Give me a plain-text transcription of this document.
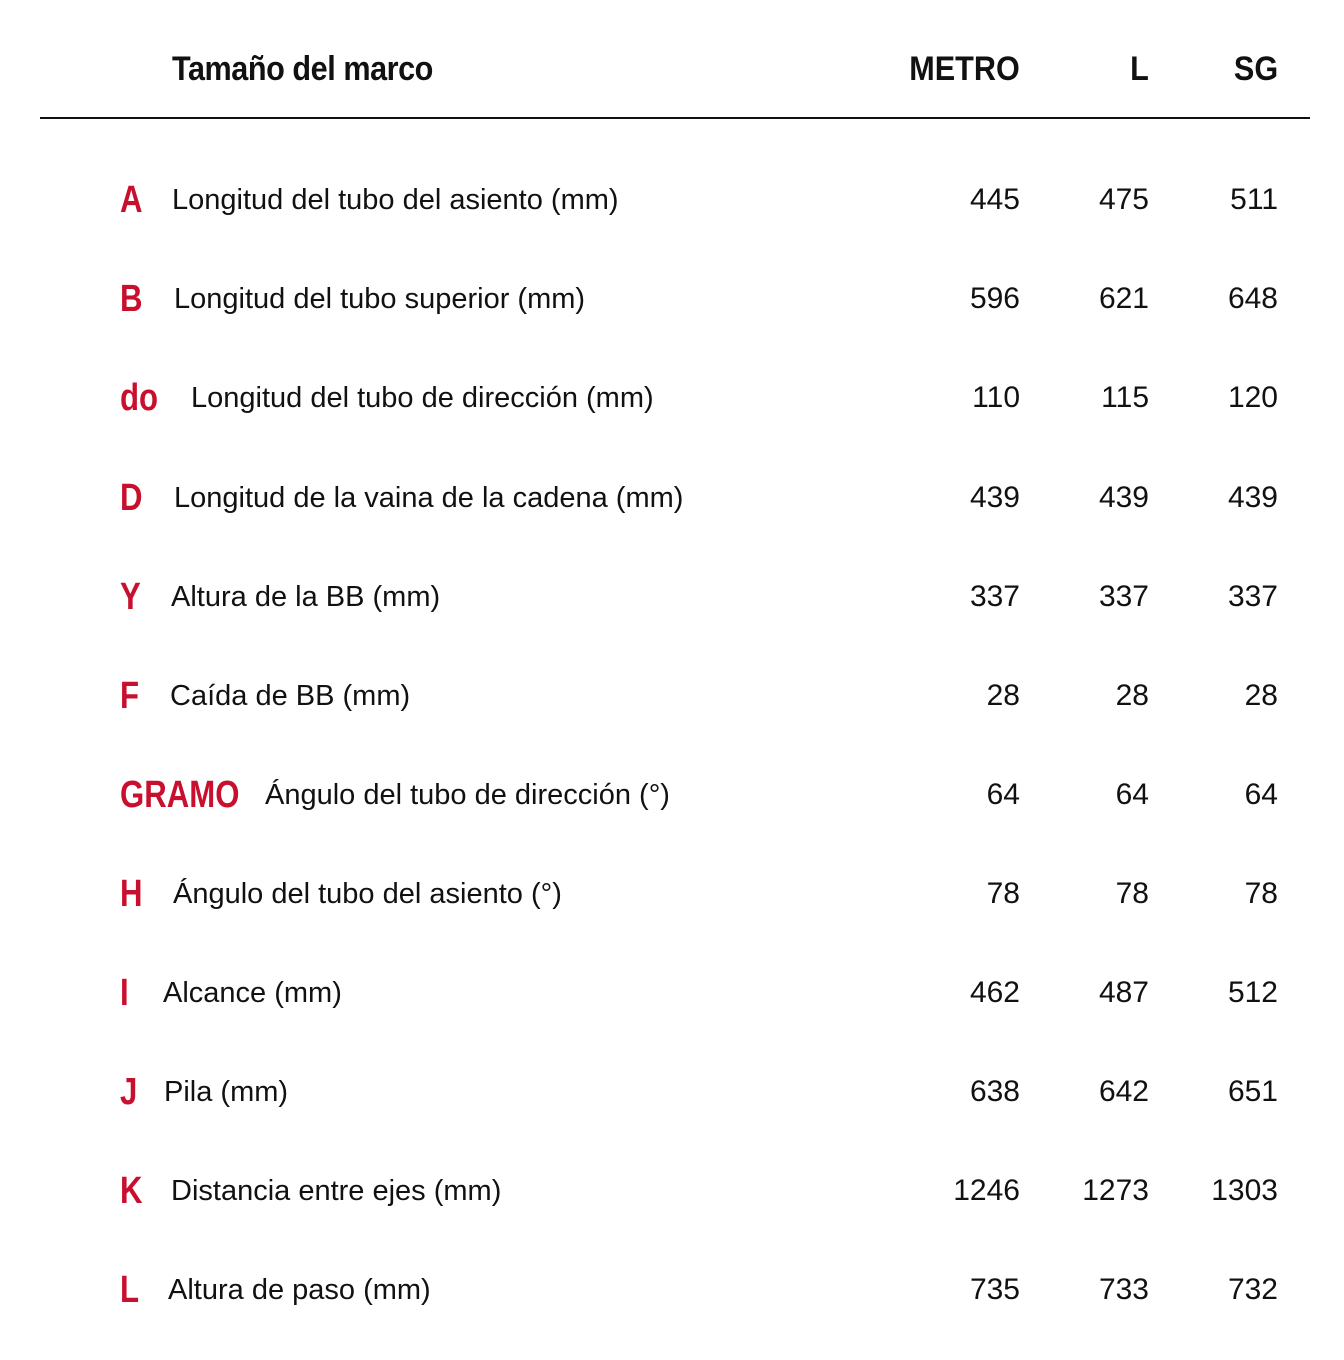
Tamaño del marco	METRO	L SG
A Longitud del tubo del asiento (mm)	445	475	511
B Longitud del tubo superior (mm)	596	621	648
do Longitud del tubo de dirección (mm)	110	115	120
D Longitud de la vaina de la cadena (mm)	439	439	439
Y Altura de la BB (mm)	337	337	337
F Caída de BB (mm)	28	28	28
GRAMO Ángulo del tubo de dirección (°)	64	64	64
H Ángulo del tubo del asiento (°)	78	78	78
I Alcance (mm)	462	487	512
J Pila (mm)	638	642	651
K Distancia entre ejes (mm)	1246 1273 1303
L Altura de paso (mm)	735	733	732
